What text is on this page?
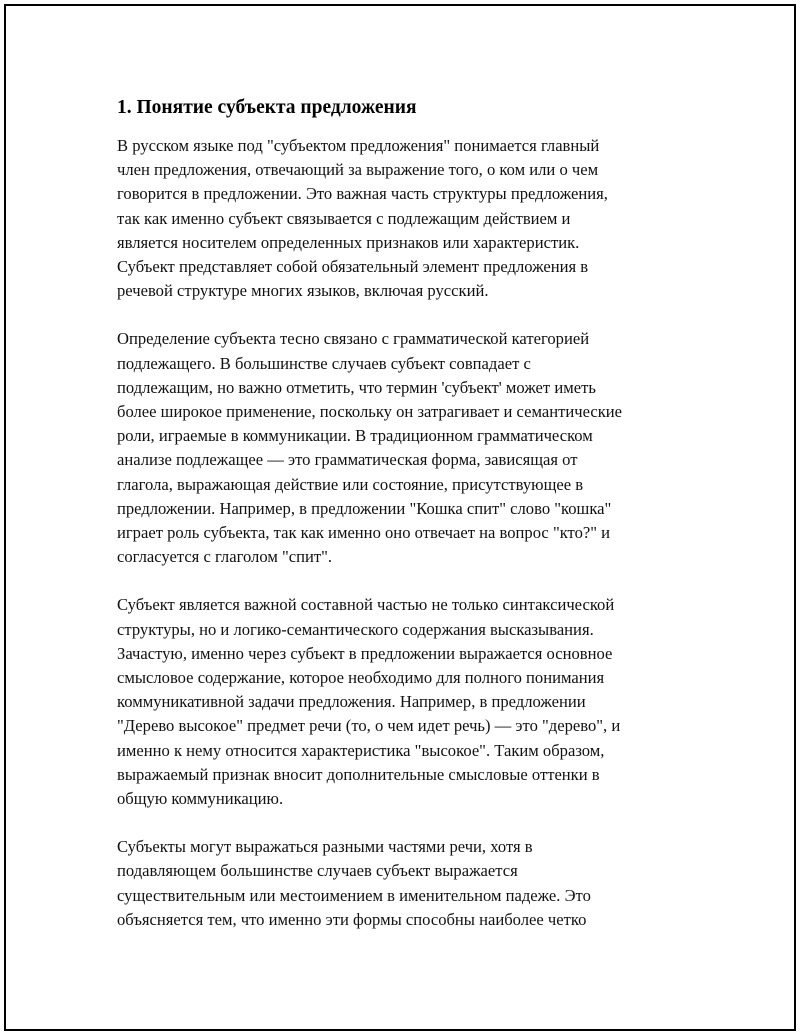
1. Понятие субъекта предложения

В русском языке под "субъектом предложения" понимается главный
член предложения, отвечающий за выражение того, о ком или о чем
говорится в предложении. Это важная часть структуры предложения,
так как именно субъект связывается с подлежащим действием и
является носителем определенных признаков или характеристик.
Субъект представляет собой обязательный элемент предложения в
речевой структуре многих языков, включая русский.

Определение субъекта тесно связано с грамматической категорией
подлежащего. В большинстве случаев субъект совпадает с
подлежащим, но важно отметить, что термин 'субъект' может иметь
более широкое применение, поскольку он затрагивает и семантические
роли, играемые в коммуникации. В традиционном грамматическом
анализе подлежащее — это грамматическая форма, зависящая от
глагола, выражающая действие или состояние, присутствующее в
предложении. Например, в предложении "Кошка спит" слово "кошка"
играет роль субъекта, так как именно оно отвечает на вопрос "кто?" и
согласуется с глаголом "спит".

Субъект является важной составной частью не только синтаксической
структуры, но и логико-семантического содержания высказывания.
Зачастую, именно через субъект в предложении выражается основное
смысловое содержание, которое необходимо для полного понимания
коммуникативной задачи предложения. Например, в предложении
"Дерево высокое" предмет речи (то, о чем идет речь) — это "дерево", и
именно к нему относится характеристика "высокое". Таким образом,
выражаемый признак вносит дополнительные смысловые оттенки в
общую коммуникацию.

Субъекты могут выражаться разными частями речи, хотя в
подавляющем большинстве случаев субъект выражается
существительным или местоимением в именительном падеже. Это
объясняется тем, что именно эти формы способны наиболее четко
